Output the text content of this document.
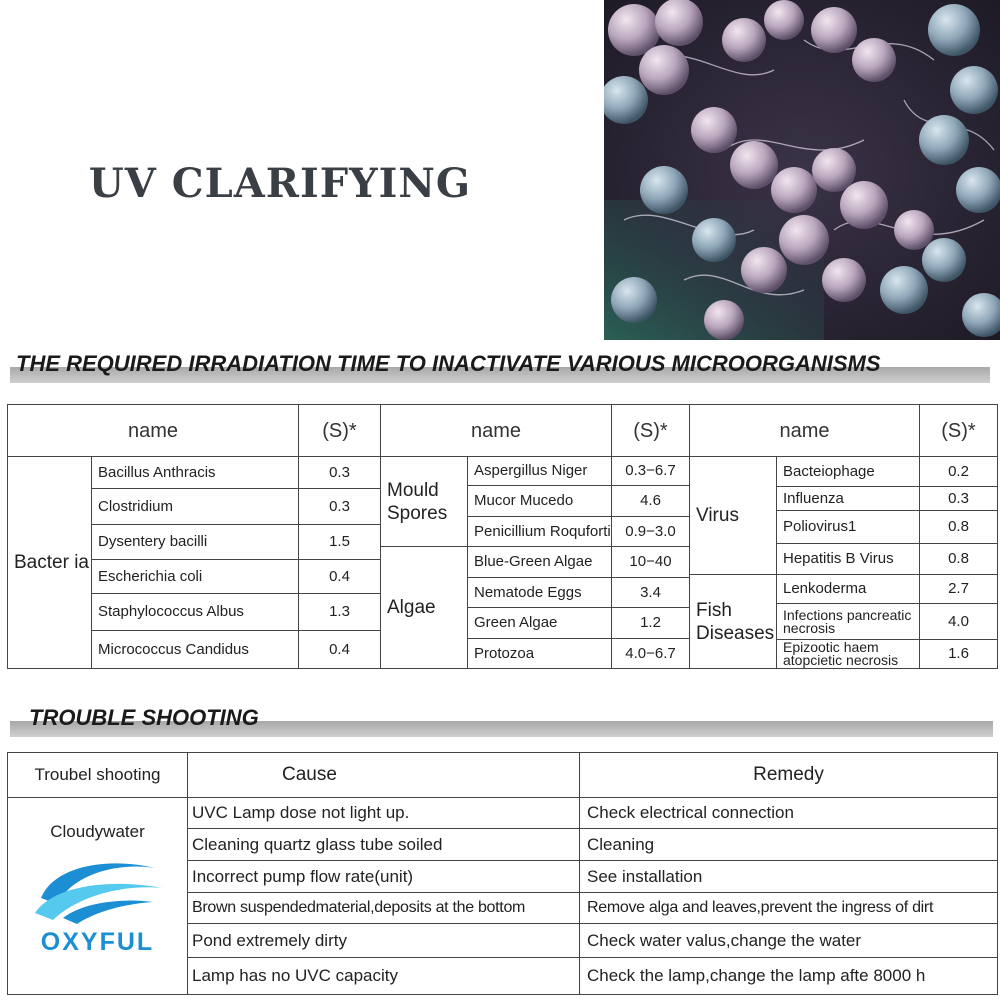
UV CLARIFYING
THE REQUIRED IRRADIATION TIME TO INACTIVATE VARIOUS MICROORGANISMS
name	(S)*	name	(S)*	name	(S)*
Bacter ia
Bacillus Anthracis	0.3
Clostridium	0.3
Dysentery bacilli	1.5
Escherichia coli	0.4
Staphylococcus Albus	1.3
Micrococcus Candidus	0.4
Mould Spores
Aspergillus Niger	0.3−6.7
Mucor Mucedo	4.6
Penicillium Roquforti 0.9−3.0
Algae
Blue-Green Algae	10−40
Nematode Eggs	3.4
Green Algae	1.2
Protozoa	4.0−6.7
Virus
Bacteiophage	0.2
Influenza	0.3
Poliovirus1	0.8
Hepatitis B Virus	0.8
Fish Diseases
Lenkoderma	2.7
Infections pancreatic necrosis	4.0
Epizootic haem atopcietic necrosis	1.6
TROUBLE SHOOTING
Troubel shooting	Cause	Remedy
Cloudywater
OXYFUL
UVC Lamp dose not light up.	Check electrical connection
Cleaning quartz glass tube soiled	Cleaning
Incorrect pump flow rate(unit)	See installation
Brown suspendedmaterial,deposits at the bottom	Remove alga and leaves,prevent the ingress of dirt
Pond extremely dirty	Check water valus,change the water
Lamp has no UVC capacity	Check the lamp,change the lamp afte 8000 h
